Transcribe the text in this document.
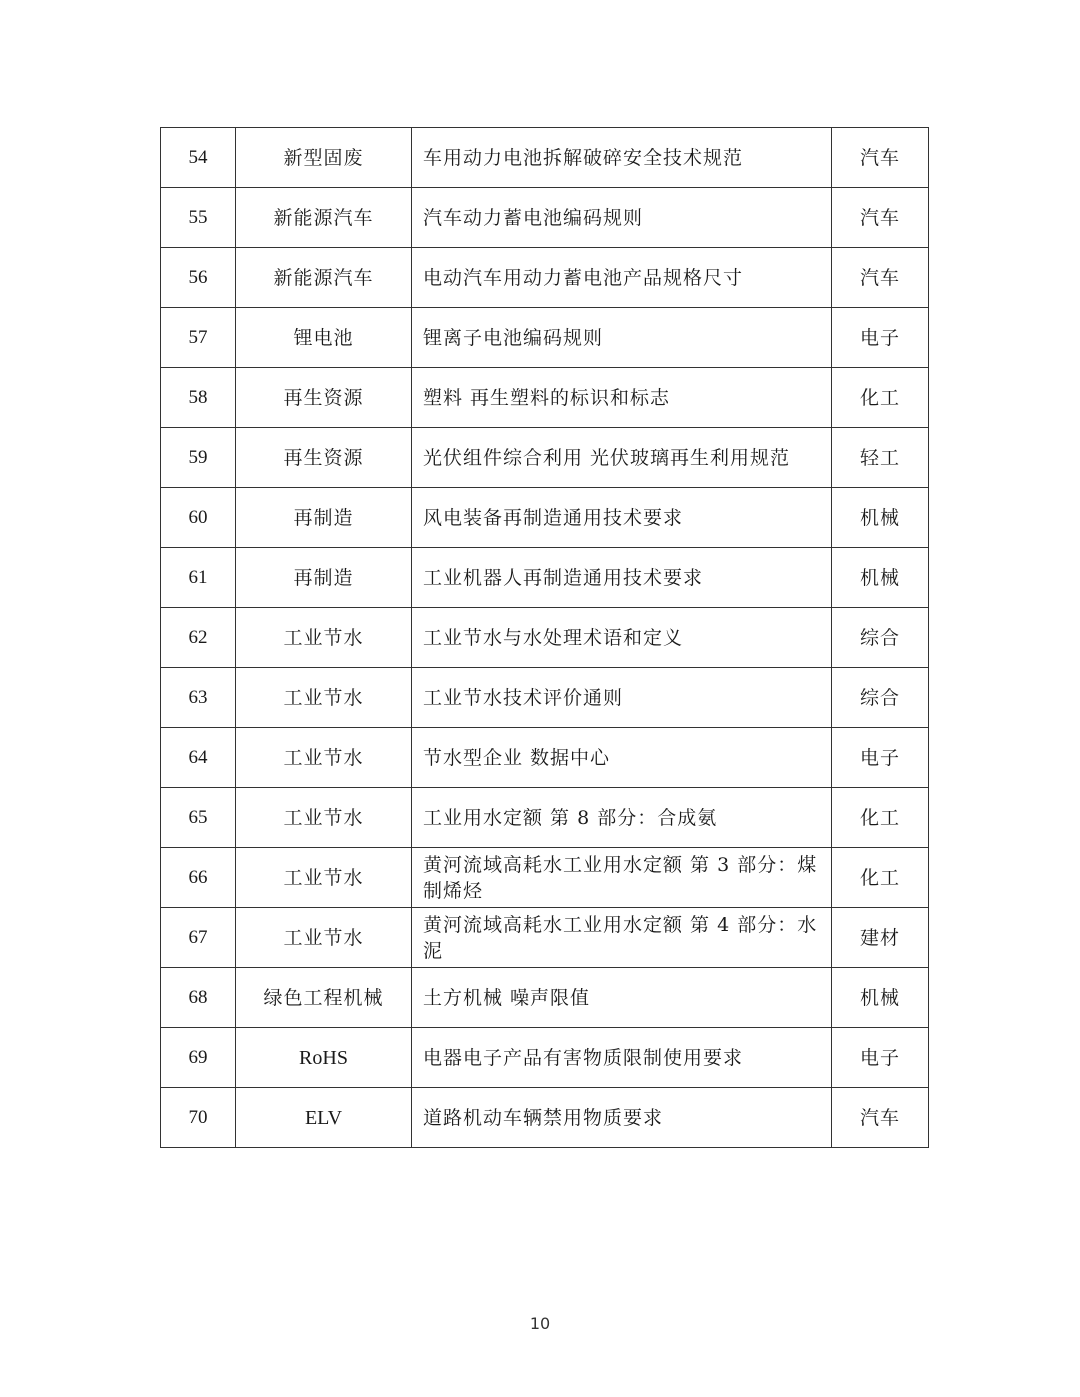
54	新型固废	车用动力电池拆解破碎安全技术规范	汽车
55	新能源汽车	汽车动力蓄电池编码规则	汽车
56	新能源汽车	电动汽车用动力蓄电池产品规格尺寸	汽车
57	锂电池	锂离子电池编码规则	电子
58	再生资源	塑料 再生塑料的标识和标志	化工
59	再生资源	光伏组件综合利用 光伏玻璃再生利用规范	轻工
60	再制造	风电装备再制造通用技术要求	机械
61	再制造	工业机器人再制造通用技术要求	机械
62	工业节水	工业节水与水处理术语和定义	综合
63	工业节水	工业节水技术评价通则	综合
64	工业节水	节水型企业 数据中心	电子
65	工业节水	工业用水定额 第 8 部分：合成氨	化工
66	工业节水	黄河流域高耗水工业用水定额 第 3 部分：煤制烯烃	化工
67	工业节水	黄河流域高耗水工业用水定额 第 4 部分：水泥	建材
68	绿色工程机械	土方机械 噪声限值	机械
69	RoHS	电器电子产品有害物质限制使用要求	电子
70	ELV	道路机动车辆禁用物质要求	汽车
10
